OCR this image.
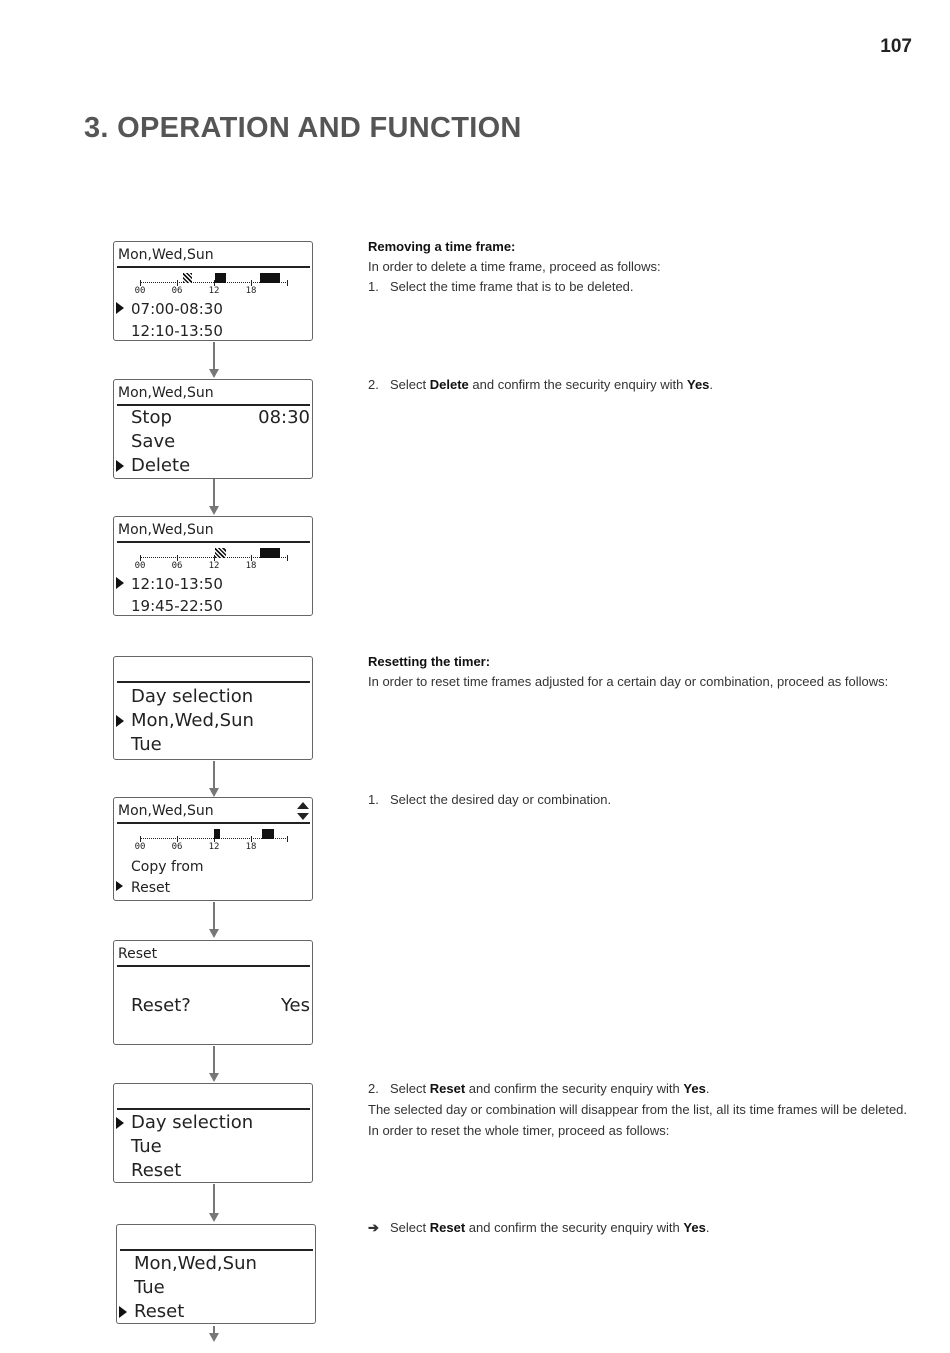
107
3. OPERATION AND FUNCTION
Mon,Wed,Sun
00	06	12	18
07:00-08:30
12:10-13:50
Mon,Wed,Sun
Stop	08:30
Save
Delete
Mon,Wed,Sun
00	06	12	18
12:10-13:50
19:45-22:50
Day selection
Mon,Wed,Sun
Tue
Mon,Wed,Sun
00	06	12	18
Copy from
Reset
Reset
Reset?	Yes
Day selection
Tue
Reset
Mon,Wed,Sun
Tue
Reset
Removing a time frame:
In order to delete a time frame, proceed as follows:
1. Select the time frame that is to be deleted.
2. Select Delete and confirm the security enquiry with Yes.
Resetting the timer:
In order to reset time frames adjusted for a certain day or combination, proceed as follows:
1. Select the desired day or combination.
2. Select Reset and confirm the security enquiry with Yes.
The selected day or combination will disappear from the list, all its time frames will be deleted.
In order to reset the whole timer, proceed as follows:
➔ Select Reset and confirm the security enquiry with Yes.
